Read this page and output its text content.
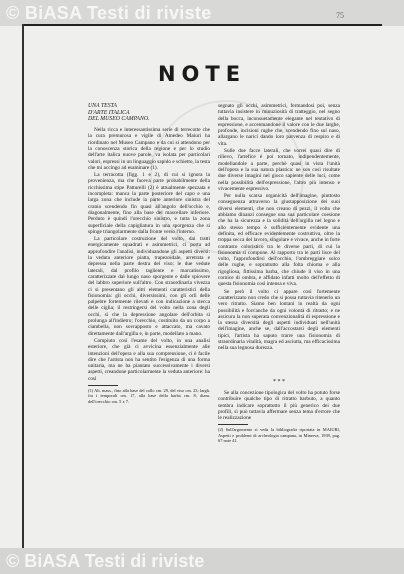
© BiASA Testi di riviste	75
NOTE
UNA TESTA
D'ARTE ITALICA
DEL MUSEO CAMPANO.

Nella ricca e interessantissima serie di terrecotte che la cura premurosa e vigile di Amedeo Maiuri ha riordinato nel Museo Campano e da cui si attendono per la conoscenza storica della regione e per lo studio dell'arte italica nuove parole, va isolata per particolari valori, espressi in un linguaggio sapido e schietto, la testa che mi accingo ad esaminare (1).

La terracotta (figg. 1 e 2), di cui si ignora la provenienza, ma che faceva parte probabilmente della ricchissima stipe Patturelli (2) è attualmente spezzata e incompleta: manca la parte posteriore del capo e una larga zona che include la parte anteriore sinistra del cranio scendendo fin quasi all'angolo dell'occhio e, diagonalmente, fino alla base del mascellare inferiore. Perduto è quindi l'orecchio sinistro, e tutta la zona superficiale della capigliatura in una sporgenza che si spinge triangolarmente dalla fronte verso l'interno.

La particolare costruzione del volto, dai tratti energicamente squadrati e asimmetrici, ci porta ad approfondire l'analisi, individuandone gli aspetti diversi: la veduta anteriore piatta, trapezoidale, arretrata e depressa nella parte destra del viso; le due vedute laterali, dal profilo tagliente e marcatissimo, caratterizzate dal lungo naso sporgente e dalle spiovere del labbro superiore sull'altro. Con straordinaria vivezza ci si presentano gli altri elementi caratteristici della fisionomia: gli occhi, diversissimi, con gli orli delle palpebre fortemente rilevati e con indicazione a stecca delle ciglia; il restringersi del volto nella zona degli occhi, sì che la depressione angolare dell'orbita si prolunga all'indietro; l'orecchio, costituito da un corpo a ciambella, non sovrapposto e attaccato, ma cavato direttamente dall'argilla e, in parte, modellato a mano.

Compiuto così l'esame del volto, in una analisi esteriore, che già ci avvicina essenzialmente alle intenzioni dell'opera e alla sua comprensione, ci è facile dire che l'artista non ha sentito l'esigenza di una forma unitaria, ma ne ha piantato successivamente i diversi aspetti, creandone particolarmente la veduta anteriore: ha così

(1) Alt. mass., fino alla base del collo cm. 29, del viso cm. 23; largh. fra i temporali cm. 17, alla base della barba cm. 8; diam. dell'orecchio cm. 5 x 7.

segnato gli occhi, asimmetrici, fermandosi poi, senza tuttavia insistere in minuziosità di tratteggio, nel segno della bocca, inconsuetamente elegante nel tentativo di espressione, e accentuandone il valore con le due larghe, profonde, incisioni rughe che, scendendo fino sul naso, allargano le narici dando loro parvenza di respiro e di vita.

Sulle due facce laterali, che vorrei quasi dire di rilievo, l'artefice è poi tornato, indipendentemente, modellandole a parte, perchè quasi in vista l'unità dell'opera e la sua natura plastica: ne son così risultate due diverse imagini nel gioco sapiente delle luci, come nella possibilità dell'espressione, l'altro più intenso e vivacemente espressivo.

Per nulla scarsa organicità dell'imagine, piuttosto conseguenza attraverso la giustapposizione dei suoi diversi elementi, che non creano di pezzi, il volto che abbiamo dinanzi consegue una sua particolare coesione che ha la sicurezza e la solidità dell'argilla nel legno e allo stesso tempo è sufficientemente evidente una definita, ed efficace evidentemente costruttiva, oltre la troppa secca del lavoro, singolare e vivace, anche in forte contrasto coloristico tra le diverse parti, di cui la fisionomia si compone. Al rapporto tra le parti lisce del volto, l'approfondirsi dell'occhio, l'ombreggiare solco delle rughe, e soprattutto alla folta chioma e alla rigogliosa, fittissima barba, che chiude il viso in una cornice di ombra, e affidato infatti molto dell'effetto di questa fisionomia così intensa e viva.

Se però il volto ci appare così fortemente caratterizzato non credo che si possa tuttavia ritenerlo un vero ritratto. Siamo ben lontani in realtà da ogni possibilità e fors'anche da ogni volontà di ritratto; e ne assicura la non superata convenzionalità di espressione e la stessa diversità degli aspetti individuati nell'unità dell'imagine, anche se, dall'accostarsi degli elementi tipici, l'artista ha saputo trarre una fisionomia di straordinaria vitalità, magra ed asciutta, ma efficacissima nella sua legnosa durezza.

* * *

Se alla concezione tipologica del volto ha potuto forse contribuire qualche tipo di ritratto barbuto, a quanto sembra indicare soprattutto il più generico dei due profili, sì può tuttavia affermare senza tema d'errore che le realizzazione

(2) Sull'argomento si veda la bibliografia riportata in MAIURI, Aspetti e problemi di archeologia campana, in Minerva, 1939, pag. 67 note 41.
© BiASA Testi di riviste
